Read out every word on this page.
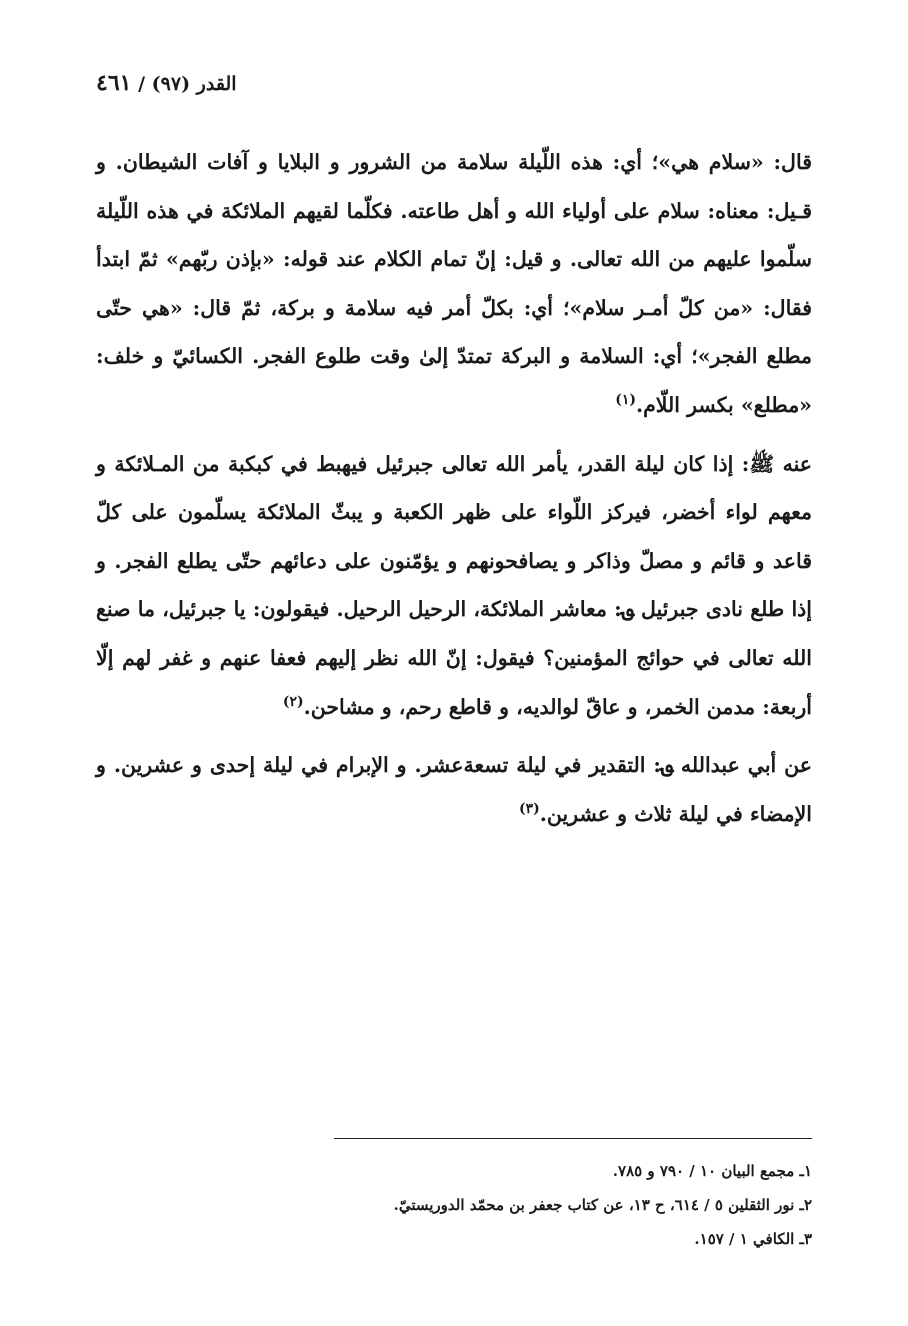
القدر (٩٧) / ٤٦١

قال: «سلام هي»؛ أي: هذه اللّيلة سلامة من الشرور و البلايا و آفات الشيطان. و قـيل: معناه: سلام على أولياء الله و أهل طاعته. فكلّما لقيهم الملائكة في هذه اللّيلة سلّموا عليهم من الله تعالى. و قيل: إنّ تمام الكلام عند قوله: «بإذن ربّهم» ثمّ ابتدأ فقال: «من كلّ أمـر سلام»؛ أي: بكلّ أمر فيه سلامة و بركة، ثمّ قال: «هي حتّى مطلع الفجر»؛ أي: السلامة و البركة تمتدّ إلىٰ وقت طلوع الفجر. الكسائيّ و خلف: «مطلع» بكسر اللّام.$^{(١)}$

عنه ﷺ: إذا كان ليلة القدر، يأمر الله تعالى جبرئيل فيهبط في كبكبة من المـلائكة و معهم لواء أخضر، فيركز اللّواء على ظهر الكعبة و يبثّ الملائكة يسلّمون على كلّ قاعد و قائم و مصلّ وذاكر و يصافحونهم و يؤمّنون على دعائهم حتّى يطلع الفجر. و إذا طلع نادى جبرئيل ؈: معاشر الملائكة، الرحيل الرحيل. فيقولون: يا جبرئيل، ما صنع الله تعالى في حوائج المؤمنين؟ فيقول: إنّ الله نظر إليهم فعفا عنهم و غفر لهم إلّا أربعة: مدمن الخمر، و عاقّ لوالديه، و قاطع رحم، و مشاحن.$^{(٢)}$

عن أبي عبدالله ؈: التقدير في ليلة تسعةعشر. و الإبرام في ليلة إحدى و عشرين. و الإمضاء في ليلة ثلاث و عشرين.$^{(٣)}$

١ـ مجمع البيان ١٠ / ٧٩٠ و ٧٨٥.
٢ـ نور الثقلين ٥ / ٦١٤، ح ١٣، عن كتاب جعفر بن محمّد الدوريستيّ.
٣ـ الكافي ١ / ١٥٧.
